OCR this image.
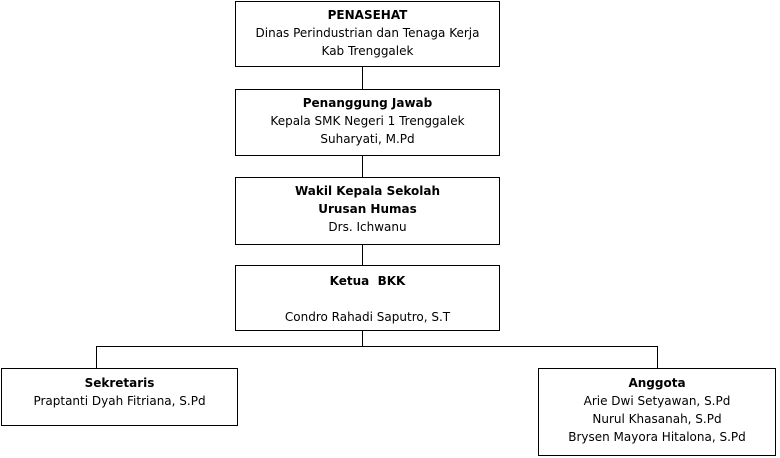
PENASEHAT
Dinas Perindustrian dan Tenaga Kerja
Kab Trenggalek
Penanggung Jawab
Kepala SMK Negeri 1 Trenggalek
Suharyati, M.Pd
Wakil Kepala Sekolah
Urusan Humas
Drs. Ichwanu
Ketua  BKK
Condro Rahadi Saputro, S.T
Sekretaris
Praptanti Dyah Fitriana, S.Pd
Anggota
Arie Dwi Setyawan, S.Pd
Nurul Khasanah, S.Pd
Brysen Mayora Hitalona, S.Pd
